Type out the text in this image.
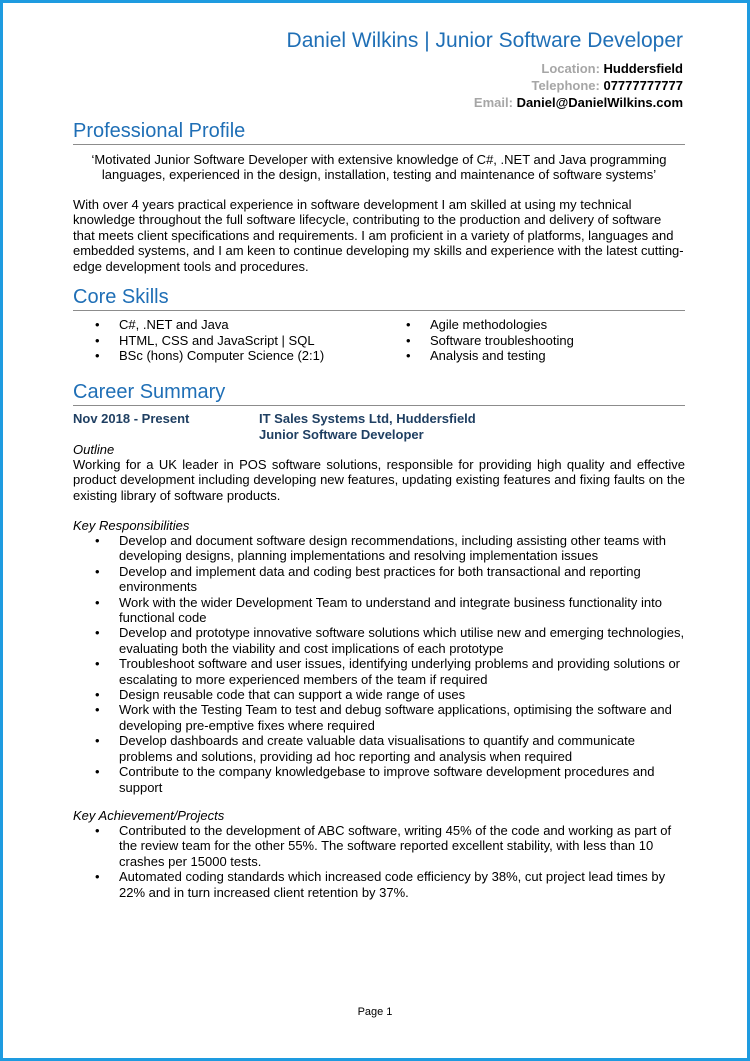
Daniel Wilkins | Junior Software Developer
Location: Huddersfield
Telephone: 07777777777
Email: Daniel@DanielWilkins.com
Professional Profile
‘Motivated Junior Software Developer with extensive knowledge of C#, .NET and Java programming languages, experienced in the design, installation, testing and maintenance of software systems’
With over 4 years practical experience in software development I am skilled at using my technical knowledge throughout the full software lifecycle, contributing to the production and delivery of software that meets client specifications and requirements. I am proficient in a variety of platforms, languages and embedded systems, and I am keen to continue developing my skills and experience with the latest cutting-edge development tools and procedures.
Core Skills
• C#, .NET and Java
• HTML, CSS and JavaScript | SQL
• BSc (hons) Computer Science (2:1)
• Agile methodologies
• Software troubleshooting
• Analysis and testing
Career Summary
Nov 2018 - Present	IT Sales Systems Ltd, Huddersfield
Junior Software Developer
Outline
Working for a UK leader in POS software solutions, responsible for providing high quality and effective product development including developing new features, updating existing features and fixing faults on the existing library of software products.
Key Responsibilities
• Develop and document software design recommendations, including assisting other teams with developing designs, planning implementations and resolving implementation issues
• Develop and implement data and coding best practices for both transactional and reporting environments
• Work with the wider Development Team to understand and integrate business functionality into functional code
• Develop and prototype innovative software solutions which utilise new and emerging technologies, evaluating both the viability and cost implications of each prototype
• Troubleshoot software and user issues, identifying underlying problems and providing solutions or escalating to more experienced members of the team if required
• Design reusable code that can support a wide range of uses
• Work with the Testing Team to test and debug software applications, optimising the software and developing pre-emptive fixes where required
• Develop dashboards and create valuable data visualisations to quantify and communicate problems and solutions, providing ad hoc reporting and analysis when required
• Contribute to the company knowledgebase to improve software development procedures and support
Key Achievement/Projects
• Contributed to the development of ABC software, writing 45% of the code and working as part of the review team for the other 55%. The software reported excellent stability, with less than 10 crashes per 15000 tests.
• Automated coding standards which increased code efficiency by 38%, cut project lead times by 22% and in turn increased client retention by 37%.
Page 1
